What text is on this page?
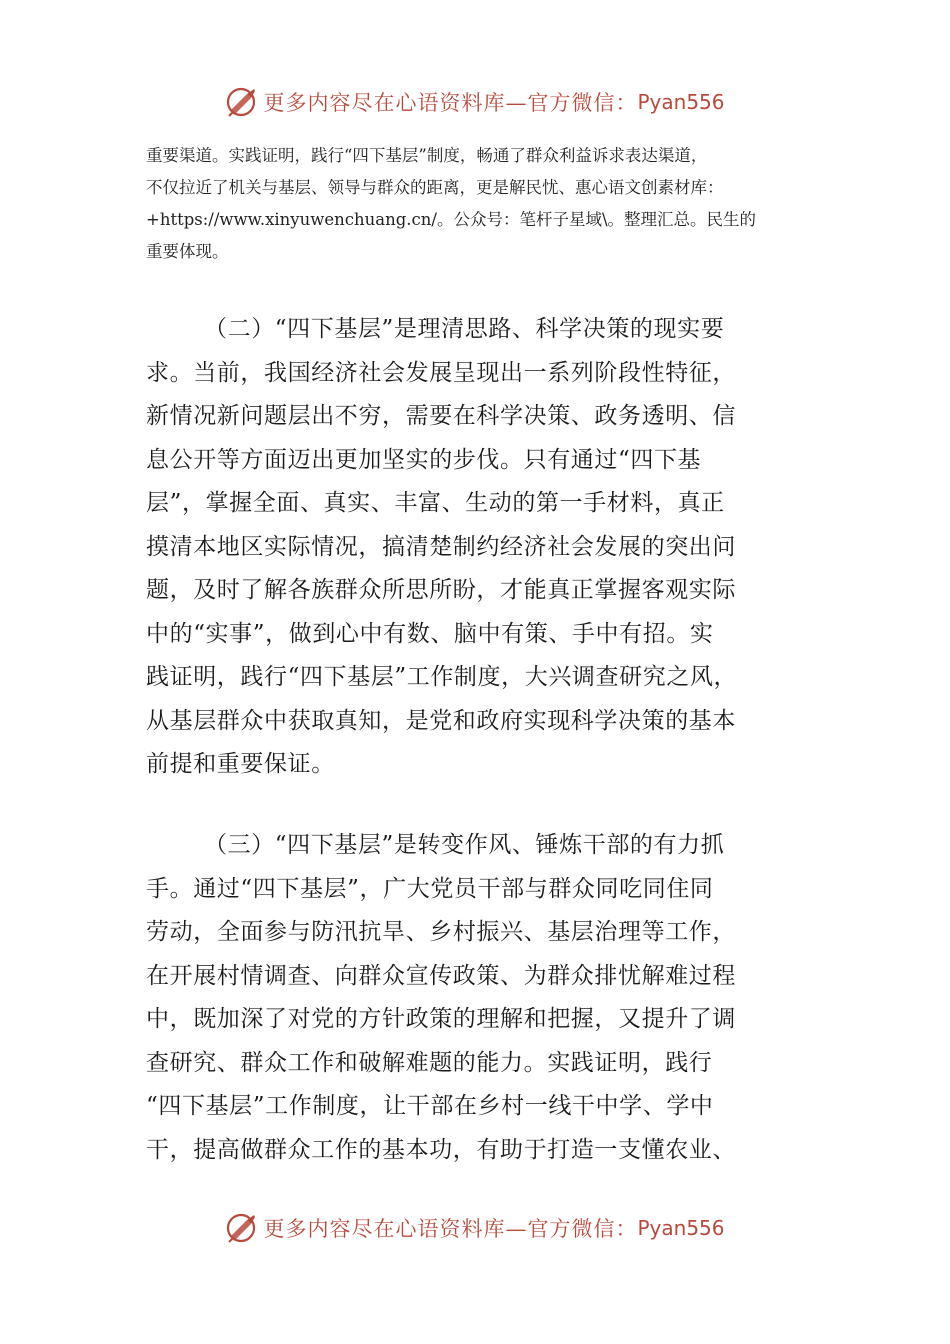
更多内容尽在心语资料库—官方微信： Pyan556
重要渠道。实践证明，践行“四下基层”制度，畅通了群众利益诉求表达渠道，
不仅拉近了机关与基层、领导与群众的距离，更是解民忧、惠心语文创素材库：
+https://www.xinyuwenchuang.cn/。公众号：笔杆子星域\。整理汇总。民生的
重要体现。
（二）“四下基层”是理清思路、科学决策的现实要
求。当前，我国经济社会发展呈现出一系列阶段性特征，
新情况新问题层出不穷，需要在科学决策、政务透明、信
息公开等方面迈出更加坚实的步伐。只有通过“四下基
层”，掌握全面、真实、丰富、生动的第一手材料，真正
摸清本地区实际情况，搞清楚制约经济社会发展的突出问
题，及时了解各族群众所思所盼，才能真正掌握客观实际
中的“实事”，做到心中有数、脑中有策、手中有招。实
践证明，践行“四下基层”工作制度，大兴调查研究之风，
从基层群众中获取真知，是党和政府实现科学决策的基本
前提和重要保证。
（三）“四下基层”是转变作风、锤炼干部的有力抓
手。通过“四下基层”，广大党员干部与群众同吃同住同
劳动，全面参与防汛抗旱、乡村振兴、基层治理等工作，
在开展村情调查、向群众宣传政策、为群众排忧解难过程
中，既加深了对党的方针政策的理解和把握，又提升了调
查研究、群众工作和破解难题的能力。实践证明，践行
“四下基层”工作制度，让干部在乡村一线干中学、学中
干，提高做群众工作的基本功，有助于打造一支懂农业、
更多内容尽在心语资料库—官方微信： Pyan556
